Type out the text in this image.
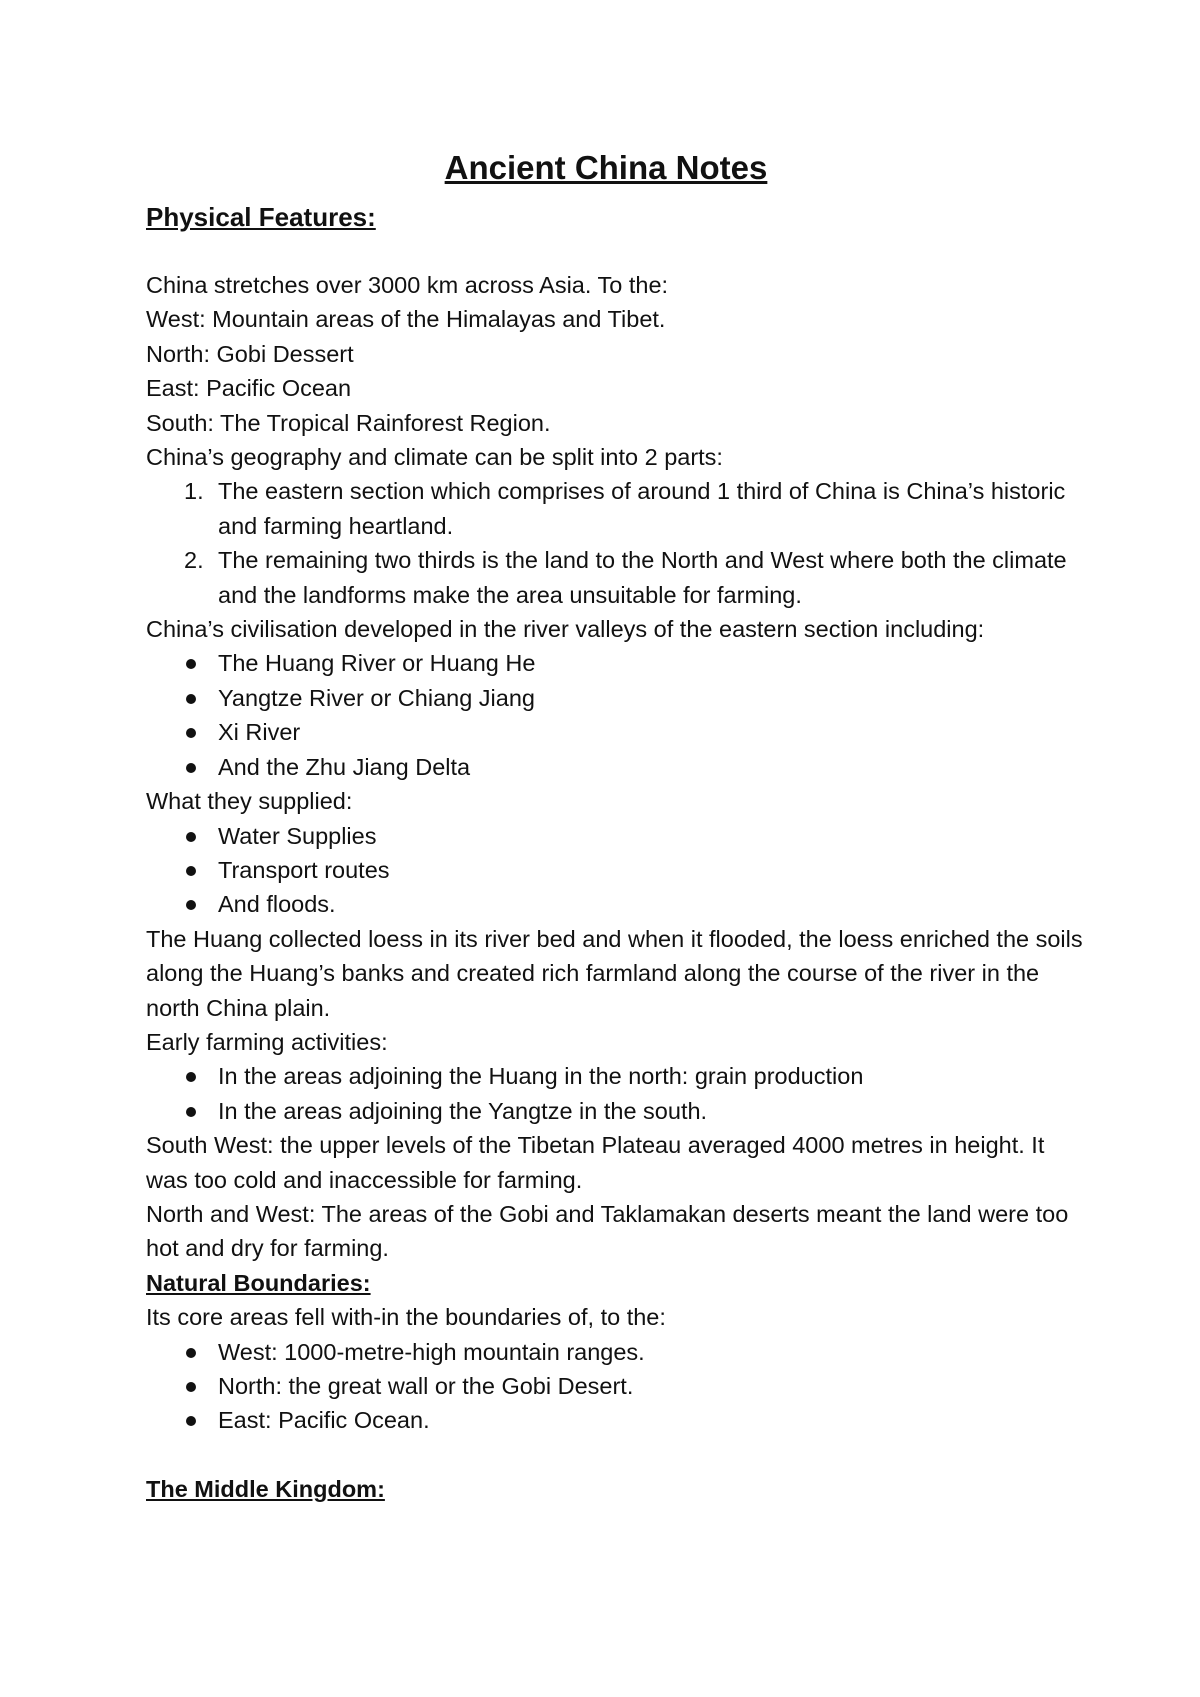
Ancient China Notes

Physical Features:

China stretches over 3000 km across Asia. To the:

West: Mountain areas of the Himalayas and Tibet.

North: Gobi Dessert

East: Pacific Ocean

South: The Tropical Rainforest Region.

China’s geography and climate can be split into 2 parts:

1. The eastern section which comprises of around 1 third of China is China’s historic and farming heartland.
2. The remaining two thirds is the land to the North and West where both the climate and the landforms make the area unsuitable for farming.

China’s civilisation developed in the river valleys of the eastern section including:

The Huang River or Huang He
Yangtze River or Chiang Jiang
Xi River
And the Zhu Jiang Delta

What they supplied:

Water Supplies
Transport routes
And floods.

The Huang collected loess in its river bed and when it flooded, the loess enriched the soils along the Huang’s banks and created rich farmland along the course of the river in the north China plain.

Early farming activities:

In the areas adjoining the Huang in the north: grain production
In the areas adjoining the Yangtze in the south.

South West: the upper levels of the Tibetan Plateau averaged 4000 metres in height. It was too cold and inaccessible for farming.

North and West: The areas of the Gobi and Taklamakan deserts meant the land were too hot and dry for farming.

Natural Boundaries:

Its core areas fell with-in the boundaries of, to the:

West: 1000-metre-high mountain ranges.
North: the great wall or the Gobi Desert.
East: Pacific Ocean.

The Middle Kingdom:
